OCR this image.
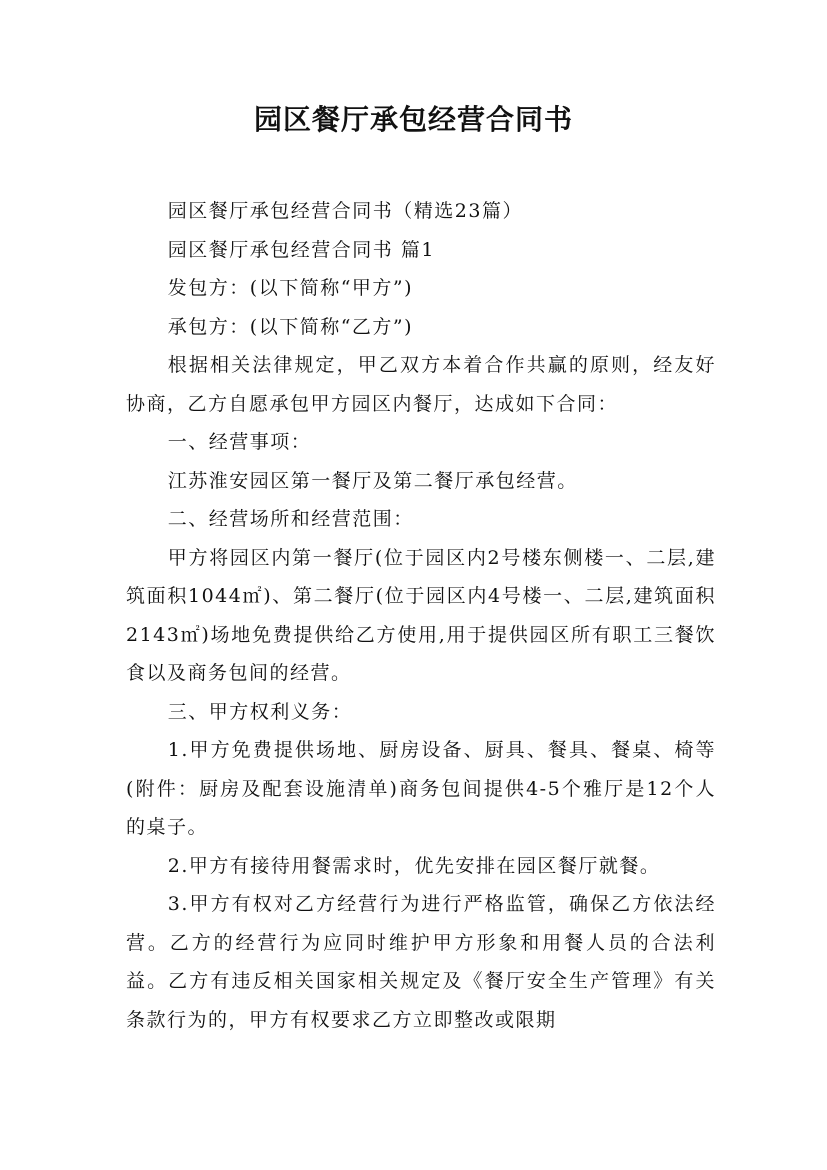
园区餐厅承包经营合同书

园区餐厅承包经营合同书（精选23篇）

园区餐厅承包经营合同书 篇1

发包方：(以下简称“甲方”)

承包方：(以下简称“乙方”)

根据相关法律规定，甲乙双方本着合作共赢的原则，经友好协商，乙方自愿承包甲方园区内餐厅，达成如下合同：

一、经营事项：

江苏淮安园区第一餐厅及第二餐厅承包经营。

二、经营场所和经营范围：

甲方将园区内第一餐厅(位于园区内2号楼东侧楼一、二层,建筑面积1044㎡)、第二餐厅(位于园区内4号楼一、二层,建筑面积2143㎡)场地免费提供给乙方使用,用于提供园区所有职工三餐饮食以及商务包间的经营。

三、甲方权利义务：

1.甲方免费提供场地、厨房设备、厨具、餐具、餐桌、椅等(附件：厨房及配套设施清单)商务包间提供4-5个雅厅是12个人的桌子。

2.甲方有接待用餐需求时，优先安排在园区餐厅就餐。

3.甲方有权对乙方经营行为进行严格监管，确保乙方依法经营。乙方的经营行为应同时维护甲方形象和用餐人员的合法利益。乙方有违反相关国家相关规定及《餐厅安全生产管理》有关条款行为的，甲方有权要求乙方立即整改或限期
